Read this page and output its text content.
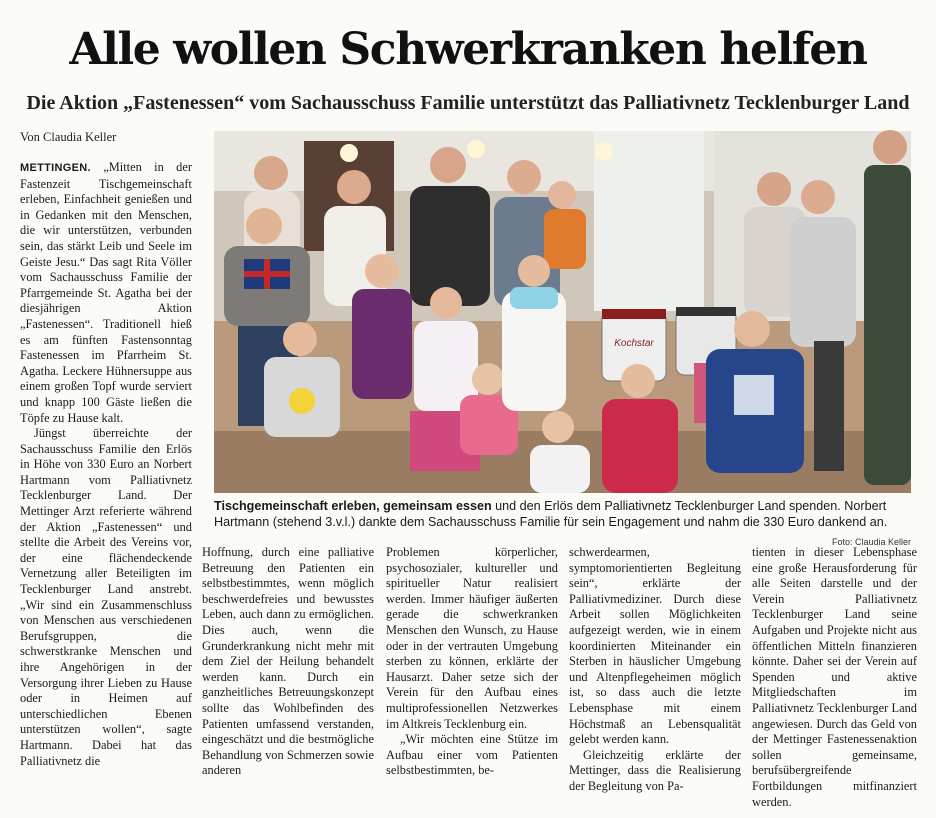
Alle wollen Schwerkranken helfen
Die Aktion „Fastenessen“ vom Sachausschuss Familie unterstützt das Palliativnetz Tecklenburger Land
Von Claudia Keller

METTINGEN. „Mitten in der Fastenzeit Tischgemeinschaft erleben, Einfachheit genießen und in Gedanken mit den Menschen, die wir unterstützen, verbunden sein, das stärkt Leib und Seele im Geiste Jesu.“ Das sagt Rita Völler vom Sachausschuss Familie der Pfarrgemeinde St. Agatha bei der diesjährigen Aktion „Fastenessen“. Traditionell hieß es am fünften Fastensonntag Fastenessen im Pfarrheim St. Agatha. Leckere Hühnersuppe aus einem großen Topf wurde serviert und knapp 100 Gäste ließen die Töpfe zu Hause kalt.

Jüngst überreichte der Sachausschuss Familie den Erlös in Höhe von 330 Euro an Norbert Hartmann vom Palliativnetz Tecklenburger Land. Der Mettinger Arzt referierte während der Aktion „Fastenessen“ und stellte die Arbeit des Vereins vor, der eine flächendeckende Vernetzung aller Beteiligten im Tecklenburger Land anstrebt. „Wir sind ein Zusammenschluss von Menschen aus verschiedenen Berufsgruppen, die schwerstkranke Menschen und ihre Angehörigen in der Versorgung ihrer Lieben zu Hause oder in Heimen auf unterschiedlichen Ebenen unterstützen wollen“, sagte Hartmann. Dabei hat das Palliativnetz die

Kochstar

Tischgemeinschaft erleben, gemeinsam essen und den Erlös dem Palliativnetz Tecklenburger Land spenden. Norbert Hartmann (stehend 3.v.l.) dankte dem Sachausschuss Familie für sein Engagement und nahm die 330 Euro dankend an.
Foto: Claudia Keller

Hoffnung, durch eine palliative Betreuung den Patienten ein selbstbestimmtes, wenn möglich beschwerdefreies und bewusstes Leben, auch dann zu ermöglichen. Dies auch, wenn die Grunderkrankung nicht mehr mit dem Ziel der Heilung behandelt werden kann. Durch ein ganzheitliches Betreuungskonzept sollte das Wohlbefinden des Patienten umfassend verstanden, eingeschätzt und die bestmögliche Behandlung von Schmerzen sowie anderen

Problemen körperlicher, psychosozialer, kultureller und spiritueller Natur realisiert werden. Immer häufiger äußerten gerade die schwerkranken Menschen den Wunsch, zu Hause oder in der vertrauten Umgebung sterben zu können, erklärte der Hausarzt. Daher setze sich der Verein für den Aufbau eines multiprofessionellen Netzwerkes im Altkreis Tecklenburg ein.

„Wir möchten eine Stütze im Aufbau einer vom Patienten selbstbestimmten, be-

schwerdearmen, symptomorientierten Begleitung sein“, erklärte der Palliativmediziner. Durch diese Arbeit sollen Möglichkeiten aufgezeigt werden, wie in einem koordinierten Miteinander ein Sterben in häuslicher Umgebung und Altenpflegeheimen möglich ist, so dass auch die letzte Lebensphase mit einem Höchstmaß an Lebensqualität gelebt werden kann.

Gleichzeitig erklärte der Mettinger, dass die Realisierung der Begleitung von Pa-

tienten in dieser Lebensphase eine große Herausforderung für alle Seiten darstelle und der Verein Palliativnetz Tecklenburger Land seine Aufgaben und Projekte nicht aus öffentlichen Mitteln finanzieren könnte. Daher sei der Verein auf Spenden und aktive Mitgliedschaften im Palliativnetz Tecklenburger Land angewiesen. Durch das Geld von der Mettinger Fastenessenaktion sollen gemeinsame, berufsübergreifende Fortbildungen mitfinanziert werden.
